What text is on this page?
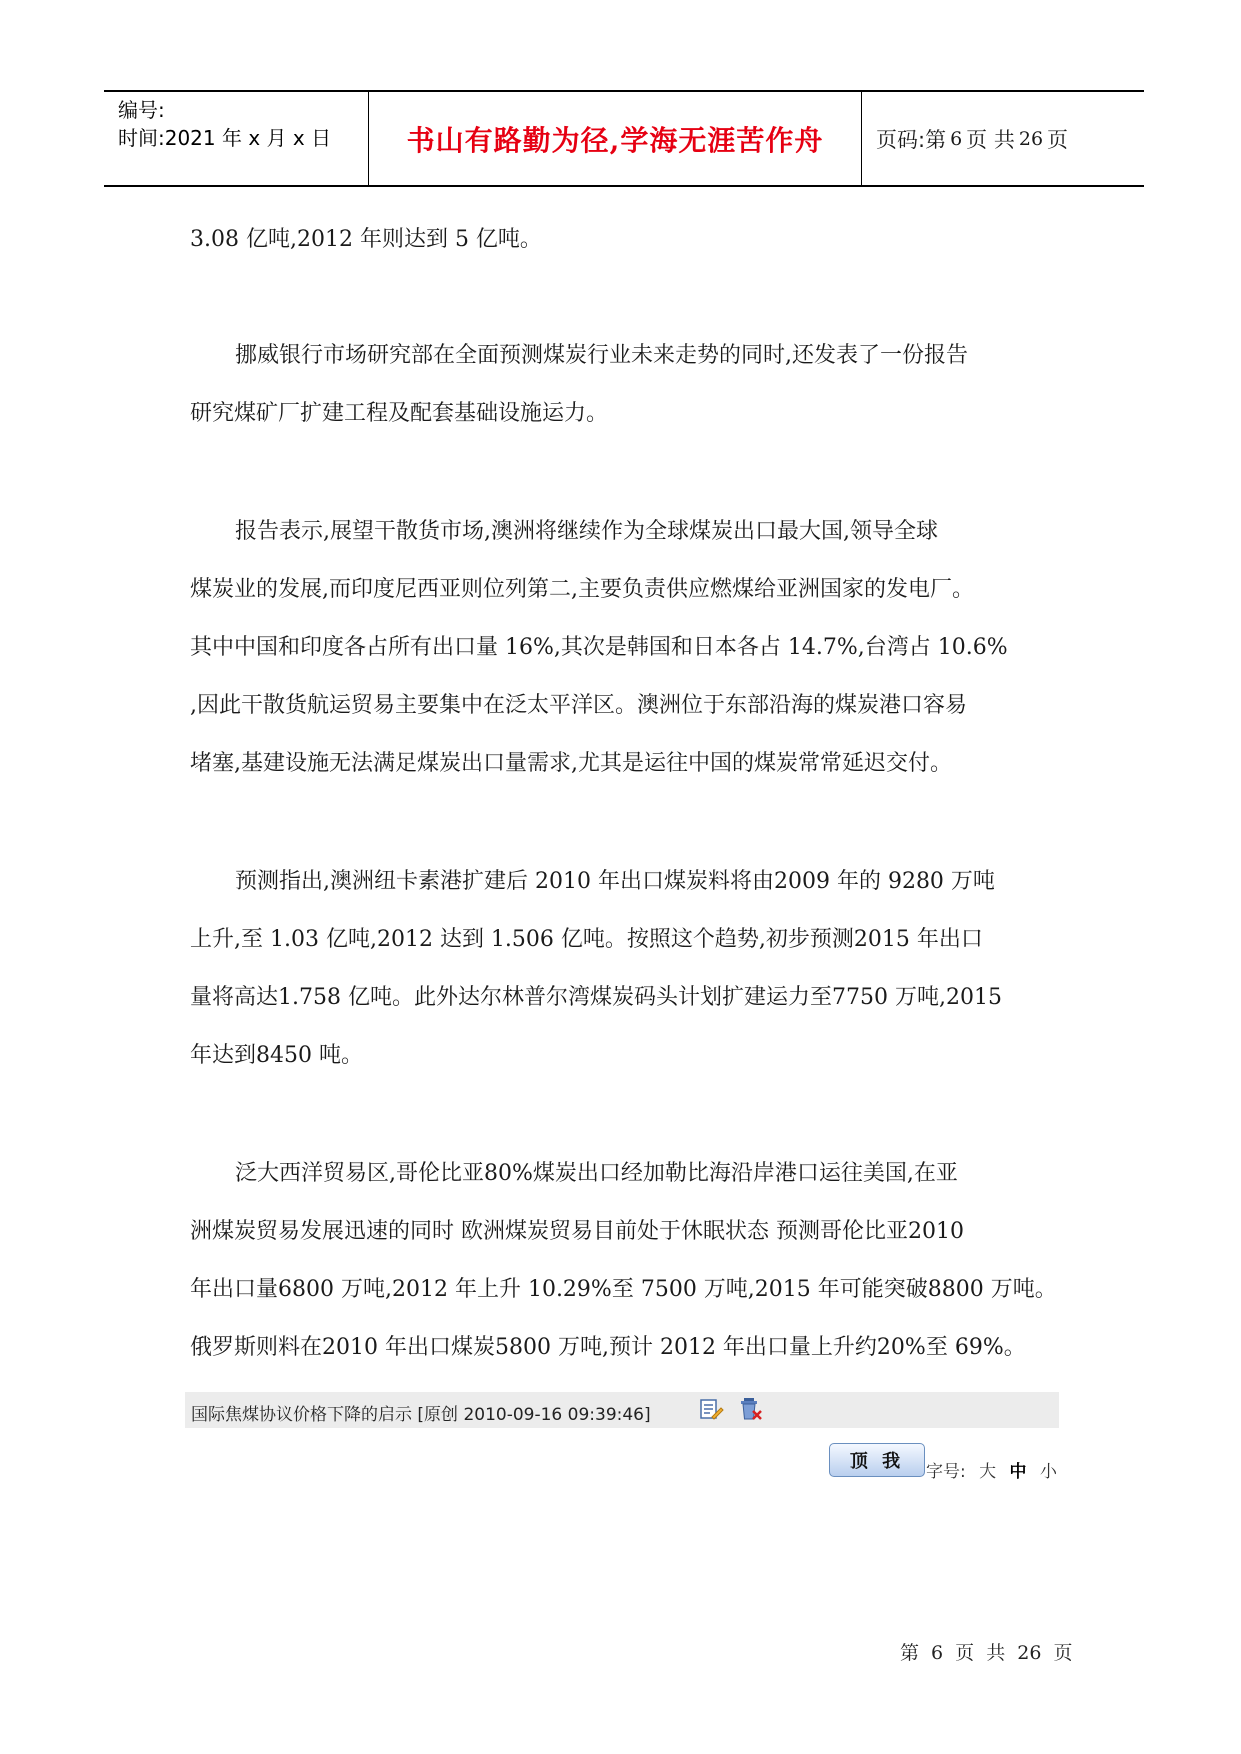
编号:
时间:2021 年 x 月 x 日	书山有路勤为径,学海无涯苦作舟	页码:第 6 页 共 26 页
3.08 亿吨,2012 年则达到 5 亿吨。
挪威银行市场研究部在全面预测煤炭行业未来走势的同时,还发表了一份报告
研究煤矿厂扩建工程及配套基础设施运力。
报告表示,展望干散货市场,澳洲将继续作为全球煤炭出口最大国,领导全球
煤炭业的发展,而印度尼西亚则位列第二,主要负责供应燃煤给亚洲国家的发电厂。
其中中国和印度各占所有出口量 16%,其次是韩国和日本各占 14.7%,台湾占 10.6%
,因此干散货航运贸易主要集中在泛太平洋区。澳洲位于东部沿海的煤炭港口容易
堵塞,基建设施无法满足煤炭出口量需求,尤其是运往中国的煤炭常常延迟交付。
预测指出,澳洲纽卡素港扩建后 2010 年出口煤炭料将由2009 年的 9280 万吨
上升,至 1.03 亿吨,2012 达到 1.506 亿吨。按照这个趋势,初步预测2015 年出口
量将高达1.758 亿吨。此外达尔林普尔湾煤炭码头计划扩建运力至7750 万吨,2015
年达到8450 吨。
泛大西洋贸易区,哥伦比亚80%煤炭出口经加勒比海沿岸港口运往美国,在亚
洲煤炭贸易发展迅速的同时 欧洲煤炭贸易目前处于休眠状态 预测哥伦比亚2010
年出口量6800 万吨,2012 年上升 10.29%至 7500 万吨,2015 年可能突破8800 万吨。
俄罗斯则料在2010 年出口煤炭5800 万吨,预计 2012 年出口量上升约20%至 69%。
国际焦煤协议价格下降的启示 [原创 2010-09-16 09:39:46]
顶 我	字号: 大 中 小
第 6 页 共 26 页
